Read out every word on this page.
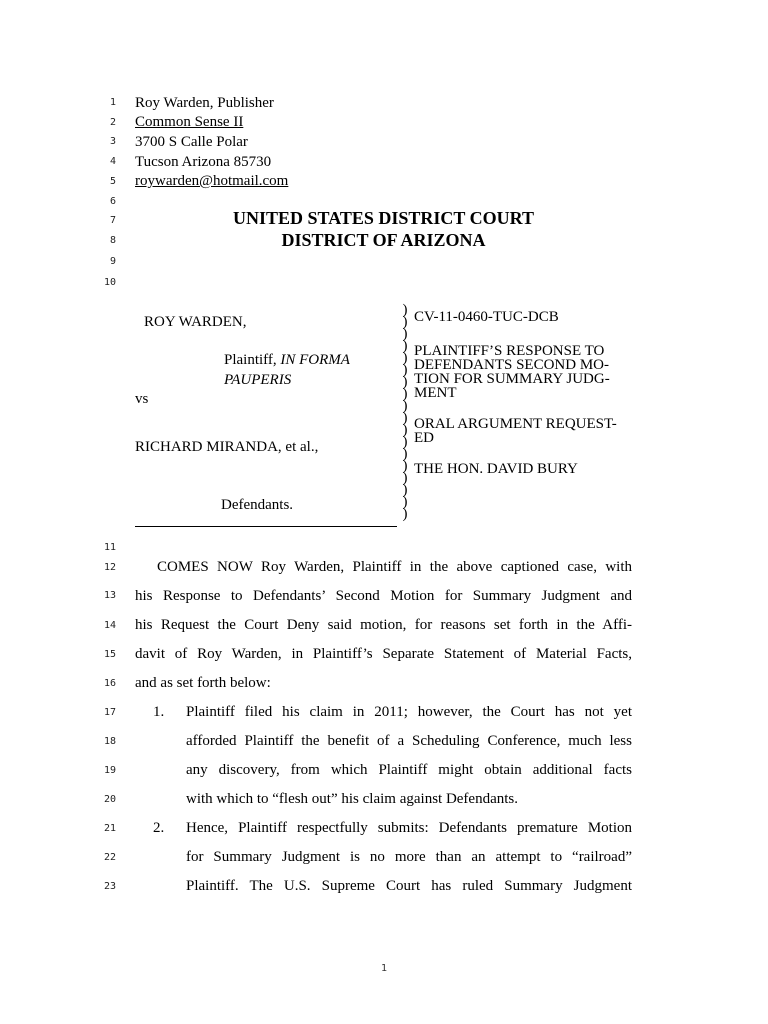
1
2
3
4
5
6
7
8
9
10
11
12
13
14
15
16
17
18
19
20
21
22
23
Roy Warden, Publisher
Common Sense II
3700 S Calle Polar
Tucson Arizona 85730
roywarden@hotmail.com
UNITED STATES DISTRICT COURT
DISTRICT OF ARIZONA
ROY WARDEN,
Plaintiff, IN FORMA
PAUPERIS
vs
RICHARD MIRANDA, et al.,
Defendants.
)
)
)
)
)
)
)
)
)
)
)
)
)
)
)
)
)
)
CV-11-0460-TUC-DCB
PLAINTIFF’S RESPONSE TO
DEFENDANTS SECOND MO-
TION FOR SUMMARY JUDG-
MENT
ORAL ARGUMENT REQUEST-
ED
THE HON. DAVID BURY
COMES NOW Roy Warden, Plaintiff in the above captioned case, with
his Response to Defendants’ Second Motion for Summary Judgment and
his Request the Court Deny said motion, for reasons set forth in the Affi-
davit of Roy Warden, in Plaintiff’s Separate Statement of Material Facts,
and as set forth below:
1. Plaintiff filed his claim in 2011; however, the Court has not yet
afforded Plaintiff the benefit of a Scheduling Conference, much less
any discovery, from which Plaintiff might obtain additional facts
with which to “flesh out” his claim against Defendants.
2. Hence, Plaintiff respectfully submits: Defendants premature Motion
for Summary Judgment is no more than an attempt to “railroad”
Plaintiff. The U.S. Supreme Court has ruled Summary Judgment
1
